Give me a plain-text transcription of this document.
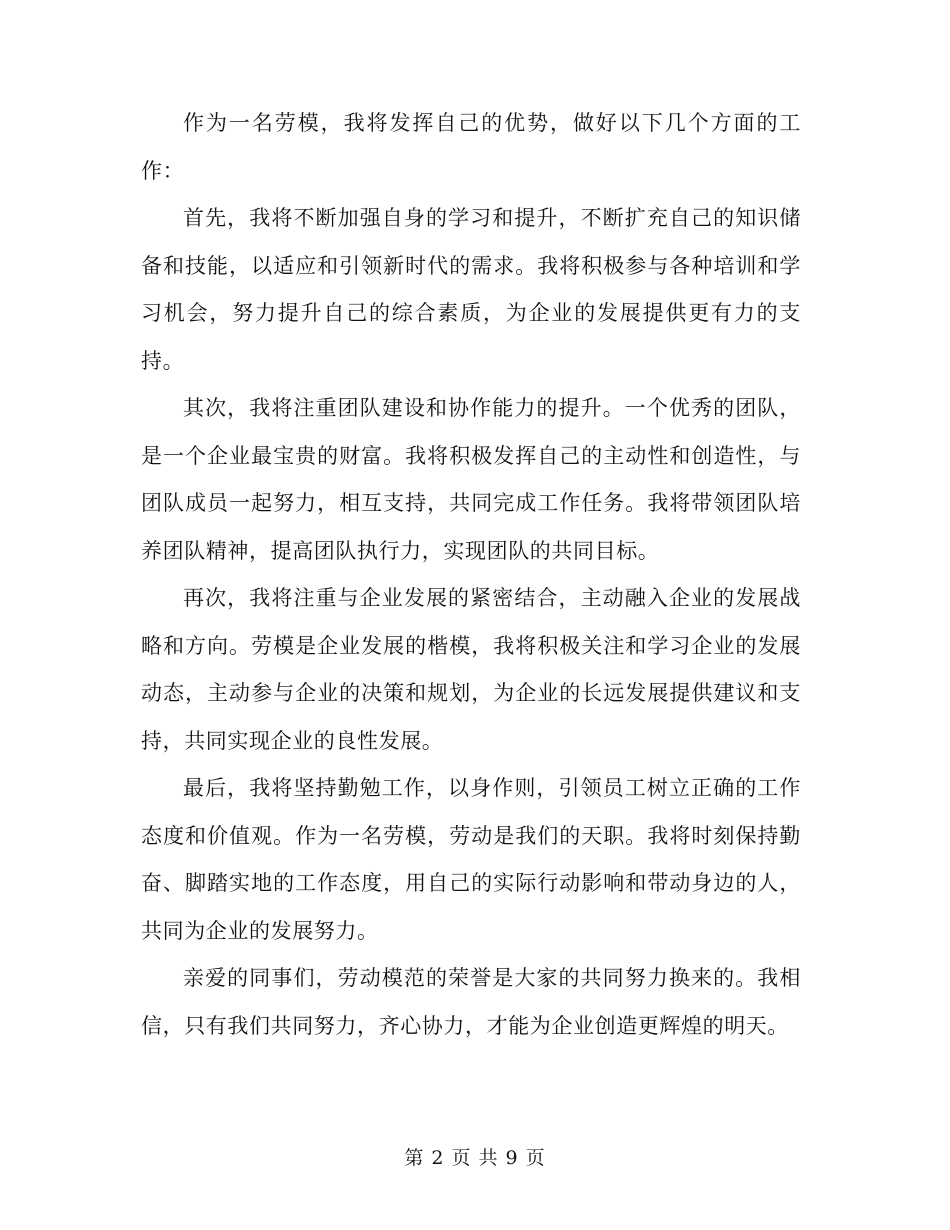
作为一名劳模，我将发挥自己的优势，做好以下几个方面的工作：

首先，我将不断加强自身的学习和提升，不断扩充自己的知识储备和技能，以适应和引领新时代的需求。我将积极参与各种培训和学习机会，努力提升自己的综合素质，为企业的发展提供更有力的支持。

其次，我将注重团队建设和协作能力的提升。一个优秀的团队，是一个企业最宝贵的财富。我将积极发挥自己的主动性和创造性，与团队成员一起努力，相互支持，共同完成工作任务。我将带领团队培养团队精神，提高团队执行力，实现团队的共同目标。

再次，我将注重与企业发展的紧密结合，主动融入企业的发展战略和方向。劳模是企业发展的楷模，我将积极关注和学习企业的发展动态，主动参与企业的决策和规划，为企业的长远发展提供建议和支持，共同实现企业的良性发展。

最后，我将坚持勤勉工作，以身作则，引领员工树立正确的工作态度和价值观。作为一名劳模，劳动是我们的天职。我将时刻保持勤奋、脚踏实地的工作态度，用自己的实际行动影响和带动身边的人，共同为企业的发展努力。

亲爱的同事们，劳动模范的荣誉是大家的共同努力换来的。我相信，只有我们共同努力，齐心协力，才能为企业创造更辉煌的明天。

第 2 页 共 9 页
